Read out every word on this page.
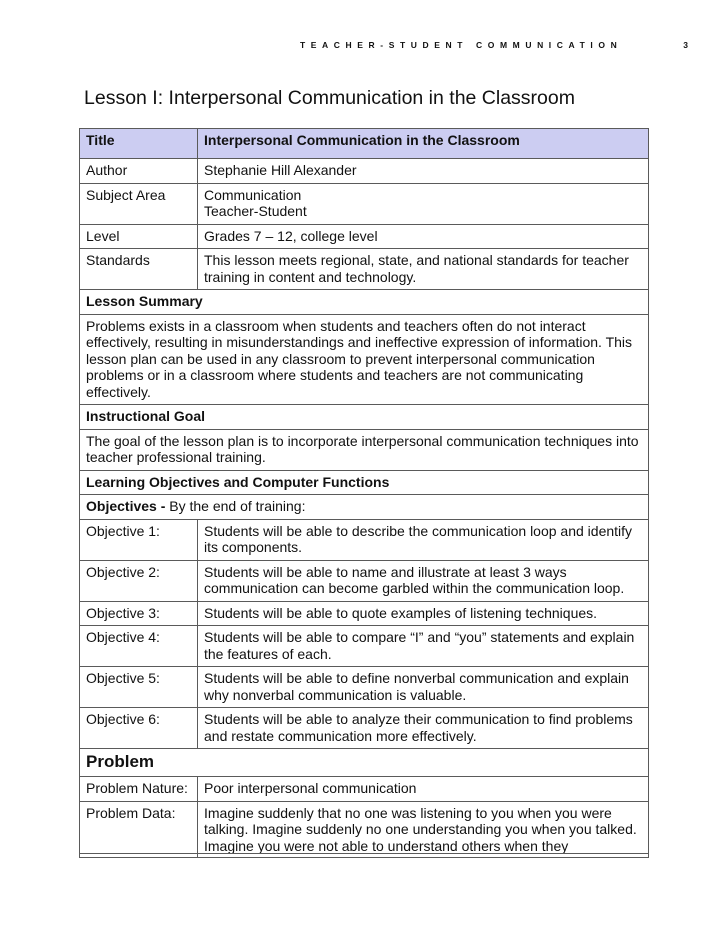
TEACHER-STUDENT COMMUNICATION	3
Lesson I: Interpersonal Communication in the Classroom
Title	Interpersonal Communication in the Classroom
Author	Stephanie Hill Alexander
Subject Area	Communication
Teacher-Student

Level	Grades 7 – 12, college level
Standards	This lesson meets regional, state, and national standards for teacher training in content and technology.
Lesson Summary	
Problems exists in a classroom when students and teachers often do not interact effectively, resulting in misunderstandings and ineffective expression of information. This lesson plan can be used in any classroom to prevent interpersonal communication problems or in a classroom where students and teachers are not communicating effectively.	
Instructional Goal	
The goal of the lesson plan is to incorporate interpersonal communication techniques into teacher professional training.	
Learning Objectives and Computer Functions	
Objectives - By the end of training:	
Objective 1:	Students will be able to describe the communication loop and identify its components.
Objective 2:	Students will be able to name and illustrate at least 3 ways communication can become garbled within the communication loop.
Objective 3:	Students will be able to quote examples of listening techniques.
Objective 4:	Students will be able to compare “I” and “you” statements and explain the features of each.
Objective 5:	Students will be able to define nonverbal communication and explain why nonverbal communication is valuable.
Objective 6:	Students will be able to analyze their communication to find problems and restate communication more effectively.
Problem	
Problem Nature:	Poor interpersonal communication
Problem Data:	Imagine suddenly that no one was listening to you when you were talking. Imagine suddenly no one understanding you when you talked. Imagine you were not able to understand others when they
